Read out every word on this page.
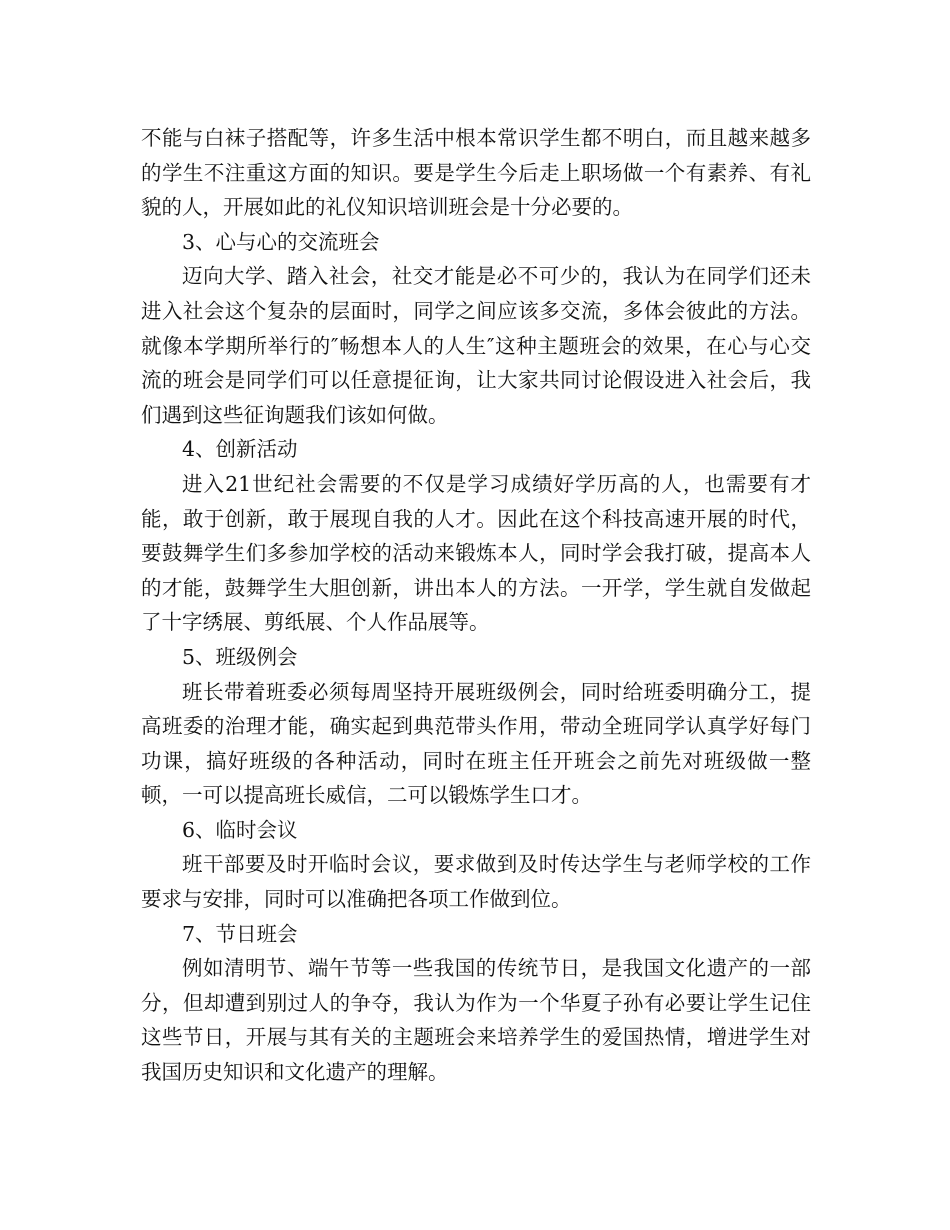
不能与白袜子搭配等，许多生活中根本常识学生都不明白，而且越来越多的学生不注重这方面的知识。要是学生今后走上职场做一个有素养、有礼貌的人，开展如此的礼仪知识培训班会是十分必要的。

3、心与心的交流班会

迈向大学、踏入社会，社交才能是必不可少的，我认为在同学们还未进入社会这个复杂的层面时，同学之间应该多交流，多体会彼此的方法。就像本学期所举行的″畅想本人的人生″这种主题班会的效果，在心与心交流的班会是同学们可以任意提征询，让大家共同讨论假设进入社会后，我们遇到这些征询题我们该如何做。

4、创新活动

进入21世纪社会需要的不仅是学习成绩好学历高的人，也需要有才能，敢于创新，敢于展现自我的人才。因此在这个科技高速开展的时代，要鼓舞学生们多参加学校的活动来锻炼本人，同时学会我打破，提高本人的才能，鼓舞学生大胆创新，讲出本人的方法。一开学，学生就自发做起了十字绣展、剪纸展、个人作品展等。

5、班级例会

班长带着班委必须每周坚持开展班级例会，同时给班委明确分工，提高班委的治理才能，确实起到典范带头作用，带动全班同学认真学好每门功课，搞好班级的各种活动，同时在班主任开班会之前先对班级做一整顿，一可以提高班长威信，二可以锻炼学生口才。

6、临时会议

班干部要及时开临时会议，要求做到及时传达学生与老师学校的工作要求与安排，同时可以准确把各项工作做到位。

7、节日班会

例如清明节、端午节等一些我国的传统节日，是我国文化遗产的一部分，但却遭到别过人的争夺，我认为作为一个华夏子孙有必要让学生记住这些节日，开展与其有关的主题班会来培养学生的爱国热情，增进学生对我国历史知识和文化遗产的理解。
